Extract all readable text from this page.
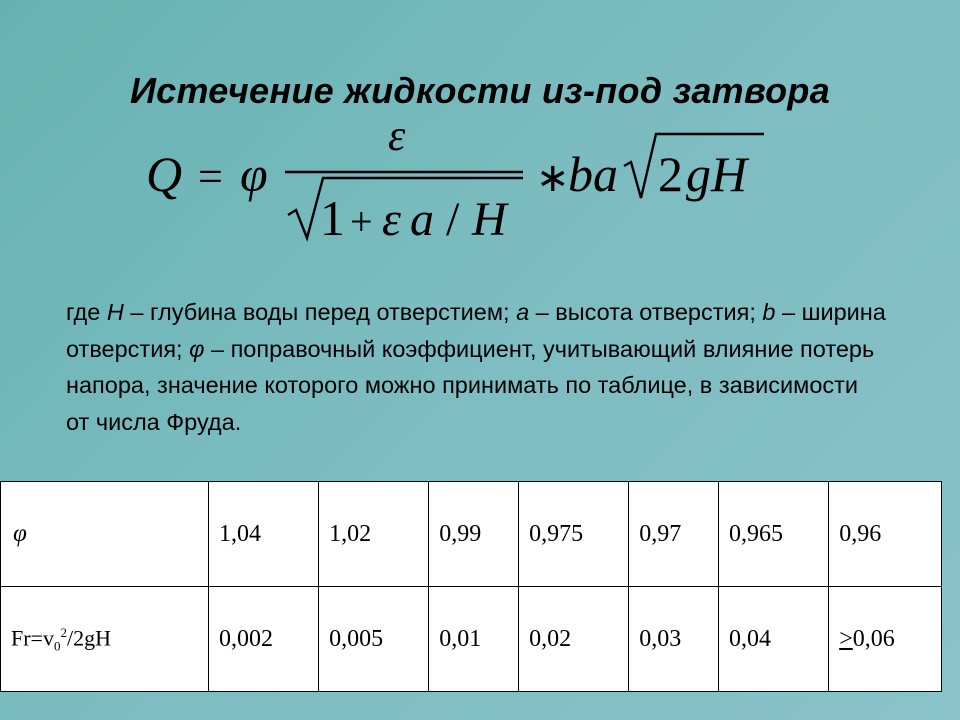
Истечение жидкости из-под затвора
Q = φ
ε
1 + ε a / H
∗
ba 2 gH
где H – глубина воды перед отверстием; а – высота отверстия; b – ширина отверстия; φ – поправочный коэффициент, учитывающий влияние потерь напора, значение которого можно принимать по таблице, в зависимости от числа Фруда.
φ	1,04	1,02	0,99	0,975	0,97	0,965	0,96
$Fr=v_0^2/2gH$	0,002	0,005	0,01	0,02	0,03	0,04	≥0,06
